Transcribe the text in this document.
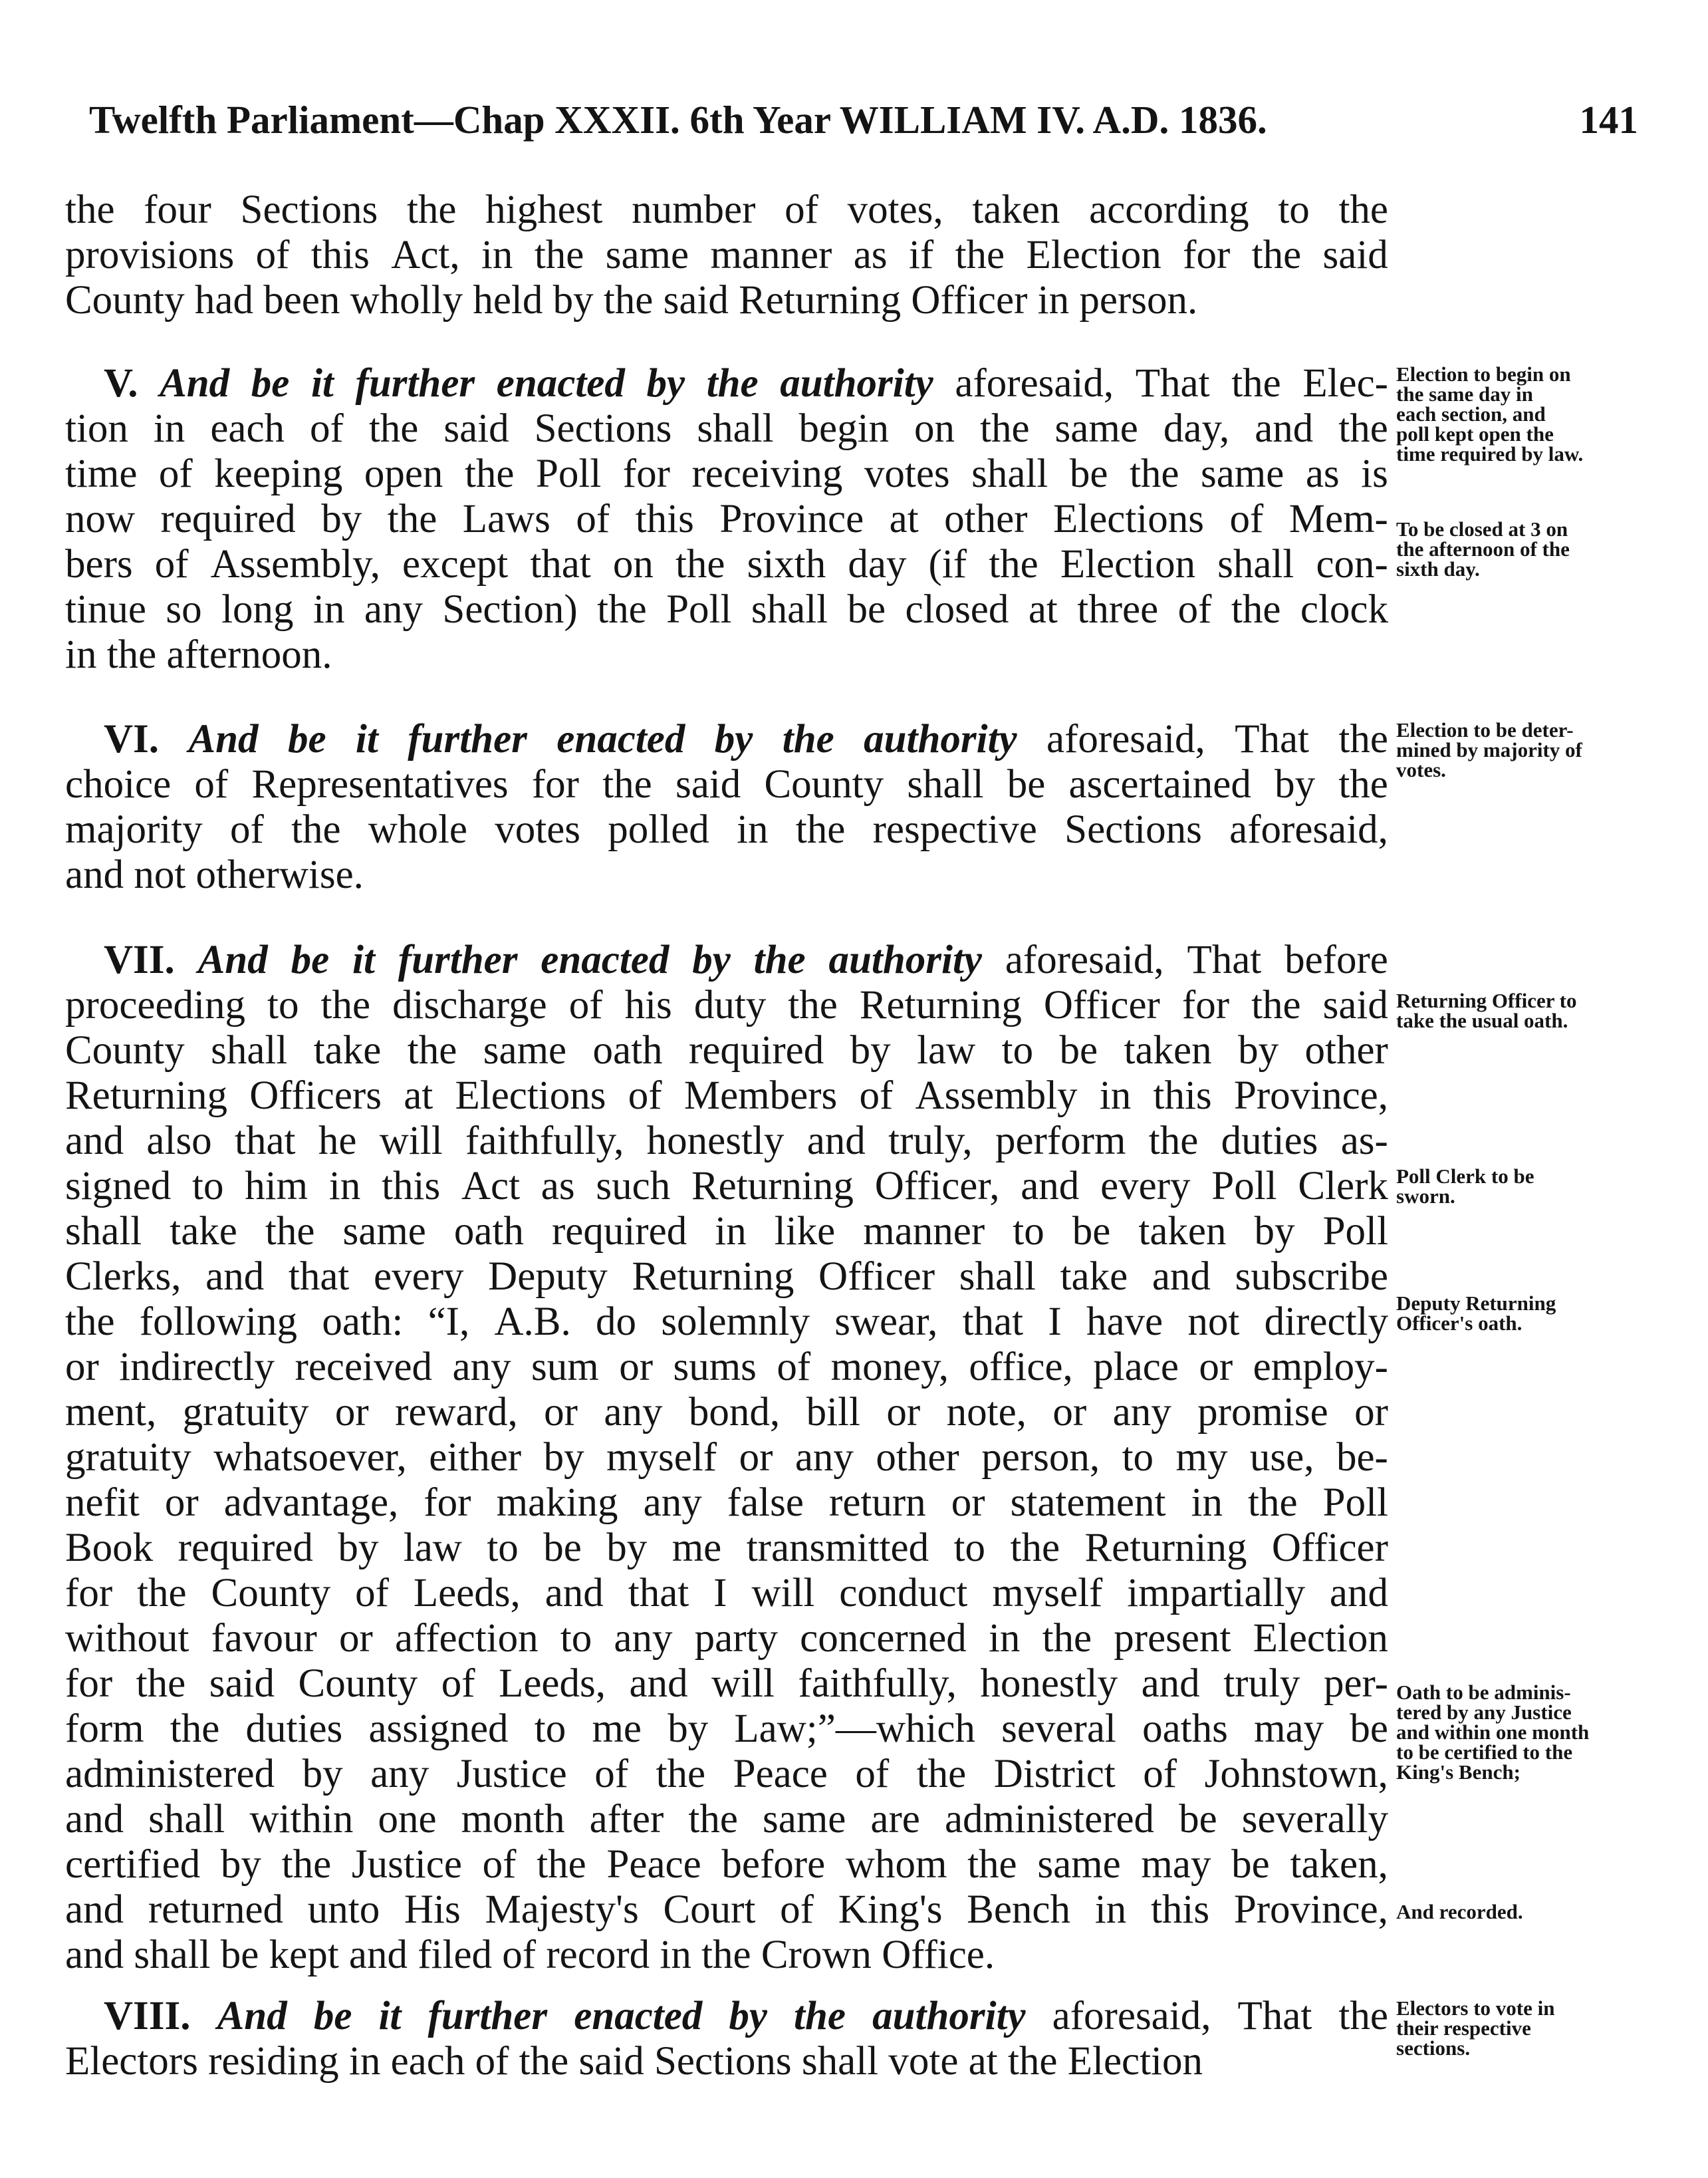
Twelfth Parliament—Chap XXXII. 6th Year WILLIAM IV. A.D. 1836.	141
the four Sections the highest number of votes, taken according to the
provisions of this Act, in the same manner as if the Election for the said
County had been wholly held by the said Returning Officer in person.
V. And be it further enacted by the authority aforesaid, That the Elec-
tion in each of the said Sections shall begin on the same day, and the
time of keeping open the Poll for receiving votes shall be the same as is
now required by the Laws of this Province at other Elections of Mem-
bers of Assembly, except that on the sixth day (if the Election shall con-
tinue so long in any Section) the Poll shall be closed at three of the clock
in the afternoon.
VI. And be it further enacted by the authority aforesaid, That the
choice of Representatives for the said County shall be ascertained by the
majority of the whole votes polled in the respective Sections aforesaid,
and not otherwise.
VII. And be it further enacted by the authority aforesaid, That before
proceeding to the discharge of his duty the Returning Officer for the said
County shall take the same oath required by law to be taken by other
Returning Officers at Elections of Members of Assembly in this Province,
and also that he will faithfully, honestly and truly, perform the duties as-
signed to him in this Act as such Returning Officer, and every Poll Clerk
shall take the same oath required in like manner to be taken by Poll
Clerks, and that every Deputy Returning Officer shall take and subscribe
the following oath: “I, A.B. do solemnly swear, that I have not directly
or indirectly received any sum or sums of money, office, place or employ-
ment, gratuity or reward, or any bond, bill or note, or any promise or
gratuity whatsoever, either by myself or any other person, to my use, be-
nefit or advantage, for making any false return or statement in the Poll
Book required by law to be by me transmitted to the Returning Officer
for the County of Leeds, and that I will conduct myself impartially and
without favour or affection to any party concerned in the present Election
for the said County of Leeds, and will faithfully, honestly and truly per-
form the duties assigned to me by Law;”—which several oaths may be
administered by any Justice of the Peace of the District of Johnstown,
and shall within one month after the same are administered be severally
certified by the Justice of the Peace before whom the same may be taken,
and returned unto His Majesty's Court of King's Bench in this Province,
and shall be kept and filed of record in the Crown Office.
VIII. And be it further enacted by the authority aforesaid, That the
Electors residing in each of the said Sections shall vote at the Election
Election to begin on
the same day in
each section, and
poll kept open the
time required by law.
To be closed at 3 on
the afternoon of the
sixth day.
Election to be deter-
mined by majority of
votes.
Returning Officer to
take the usual oath.
Poll Clerk to be
sworn.
Deputy Returning
Officer's oath.
Oath to be adminis-
tered by any Justice
and within one month
to be certified to the
King's Bench;
And recorded.
Electors to vote in
their respective
sections.
